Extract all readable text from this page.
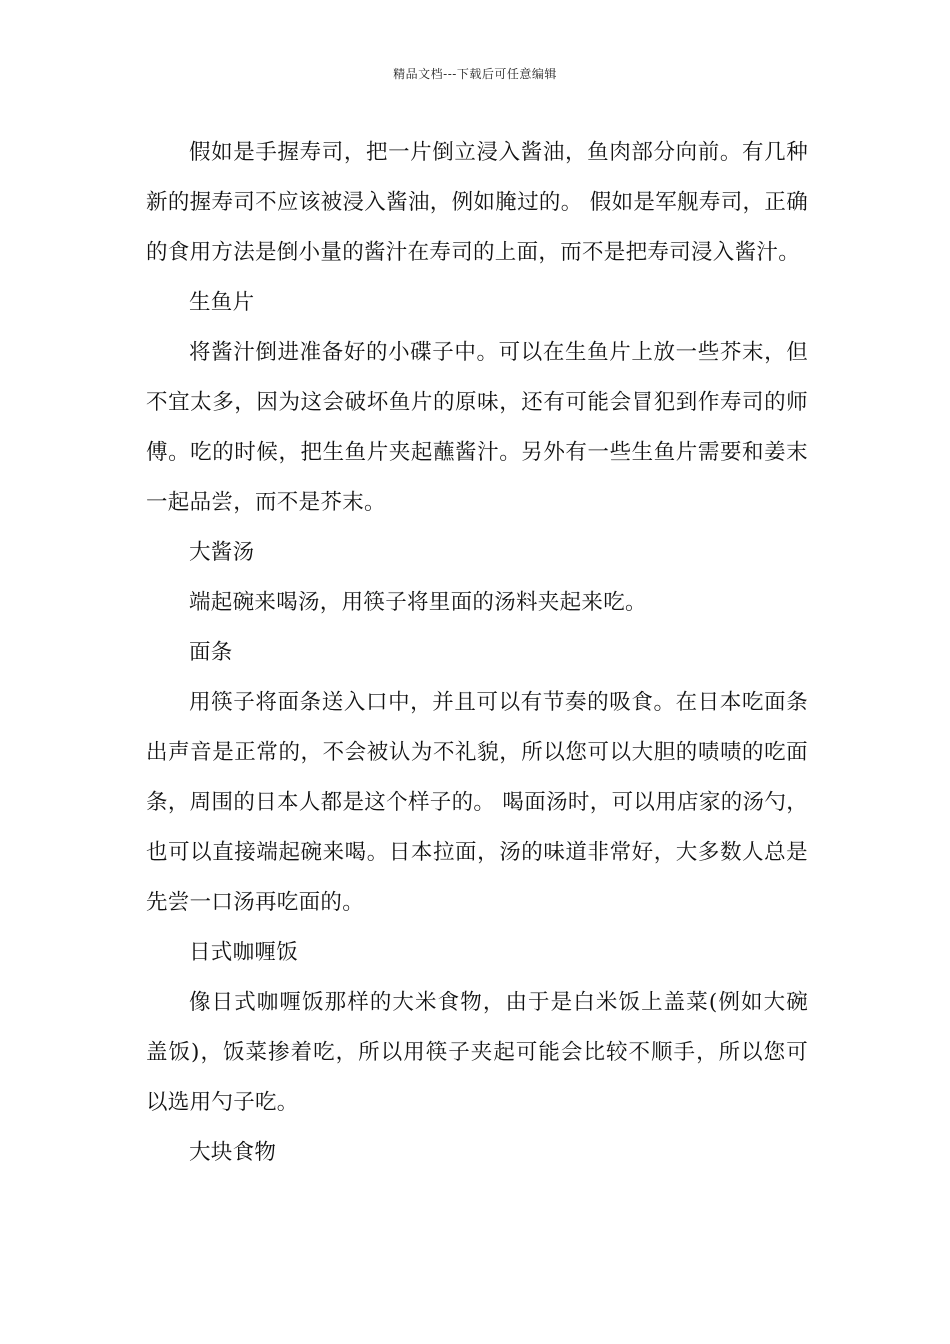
精品文档---下载后可任意编辑

假如是手握寿司，把一片倒立浸入酱油，鱼肉部分向前。有几种新的握寿司不应该被浸入酱油，例如腌过的。 假如是军舰寿司，正确的食用方法是倒小量的酱汁在寿司的上面，而不是把寿司浸入酱汁。

生鱼片

将酱汁倒进准备好的小碟子中。可以在生鱼片上放一些芥末，但不宜太多，因为这会破坏鱼片的原味，还有可能会冒犯到作寿司的师傅。吃的时候，把生鱼片夹起蘸酱汁。另外有一些生鱼片需要和姜末一起品尝，而不是芥末。

大酱汤

端起碗来喝汤，用筷子将里面的汤料夹起来吃。

面条

用筷子将面条送入口中，并且可以有节奏的吸食。在日本吃面条出声音是正常的，不会被认为不礼貌，所以您可以大胆的啧啧的吃面条，周围的日本人都是这个样子的。 喝面汤时，可以用店家的汤勺，也可以直接端起碗来喝。日本拉面，汤的味道非常好，大多数人总是先尝一口汤再吃面的。

日式咖喱饭

像日式咖喱饭那样的大米食物，由于是白米饭上盖菜(例如大碗盖饭)，饭菜掺着吃，所以用筷子夹起可能会比较不顺手，所以您可以选用勺子吃。

大块食物
